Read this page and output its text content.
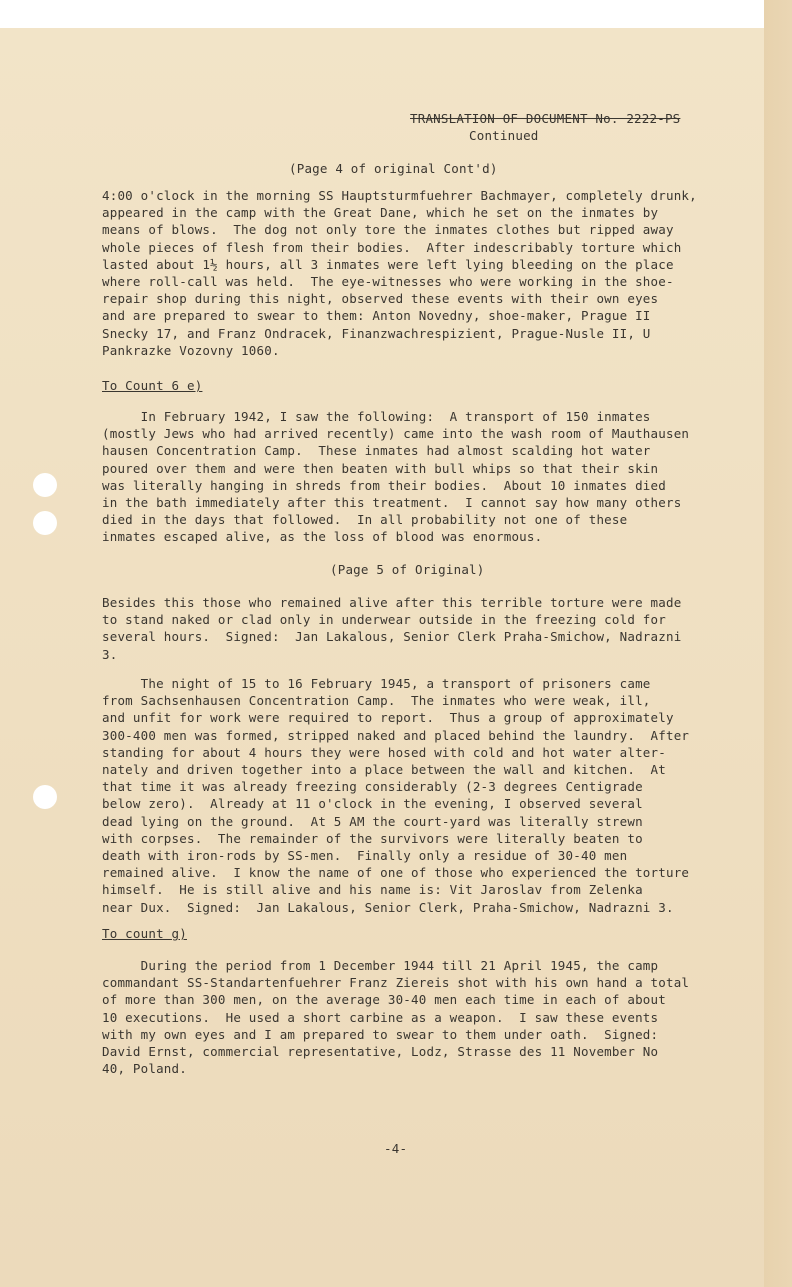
TRANSLATION OF DOCUMENT No. 2222-PS
Continued
(Page 4 of original Cont'd)
4:00 o'clock in the morning SS Hauptsturmfuehrer Bachmayer, completely drunk,
appeared in the camp with the Great Dane, which he set on the inmates by
means of blows.  The dog not only tore the inmates clothes but ripped away
whole pieces of flesh from their bodies.  After indescribably torture which
lasted about 1½ hours, all 3 inmates were left lying bleeding on the place
where roll-call was held.  The eye-witnesses who were working in the shoe-
repair shop during this night, observed these events with their own eyes
and are prepared to swear to them: Anton Novedny, shoe-maker, Prague II
Snecky 17, and Franz Ondracek, Finanzwachrespizient, Prague-Nusle II, U
Pankrazke Vozovny 1060.
To Count 6 e)
In February 1942, I saw the following:  A transport of 150 inmates
(mostly Jews who had arrived recently) came into the wash room of Mauthausen
hausen Concentration Camp.  These inmates had almost scalding hot water
poured over them and were then beaten with bull whips so that their skin
was literally hanging in shreds from their bodies.  About 10 inmates died
in the bath immediately after this treatment.  I cannot say how many others
died in the days that followed.  In all probability not one of these
inmates escaped alive, as the loss of blood was enormous.
(Page 5 of Original)
Besides this those who remained alive after this terrible torture were made
to stand naked or clad only in underwear outside in the freezing cold for
several hours.  Signed:  Jan Lakalous, Senior Clerk Praha-Smichow, Nadrazni
3.
The night of 15 to 16 February 1945, a transport of prisoners came
from Sachsenhausen Concentration Camp.  The inmates who were weak, ill,
and unfit for work were required to report.  Thus a group of approximately
300-400 men was formed, stripped naked and placed behind the laundry.  After
standing for about 4 hours they were hosed with cold and hot water alter-
nately and driven together into a place between the wall and kitchen.  At
that time it was already freezing considerably (2-3 degrees Centigrade
below zero).  Already at 11 o'clock in the evening, I observed several
dead lying on the ground.  At 5 AM the court-yard was literally strewn
with corpses.  The remainder of the survivors were literally beaten to
death with iron-rods by SS-men.  Finally only a residue of 30-40 men
remained alive.  I know the name of one of those who experienced the torture
himself.  He is still alive and his name is: Vit Jaroslav from Zelenka
near Dux.  Signed:  Jan Lakalous, Senior Clerk, Praha-Smichow, Nadrazni 3.
To count g)
During the period from 1 December 1944 till 21 April 1945, the camp
commandant SS-Standartenfuehrer Franz Ziereis shot with his own hand a total
of more than 300 men, on the average 30-40 men each time in each of about
10 executions.  He used a short carbine as a weapon.  I saw these events
with my own eyes and I am prepared to swear to them under oath.  Signed:
David Ernst, commercial representative, Lodz, Strasse des 11 November No
40, Poland.
-4-
